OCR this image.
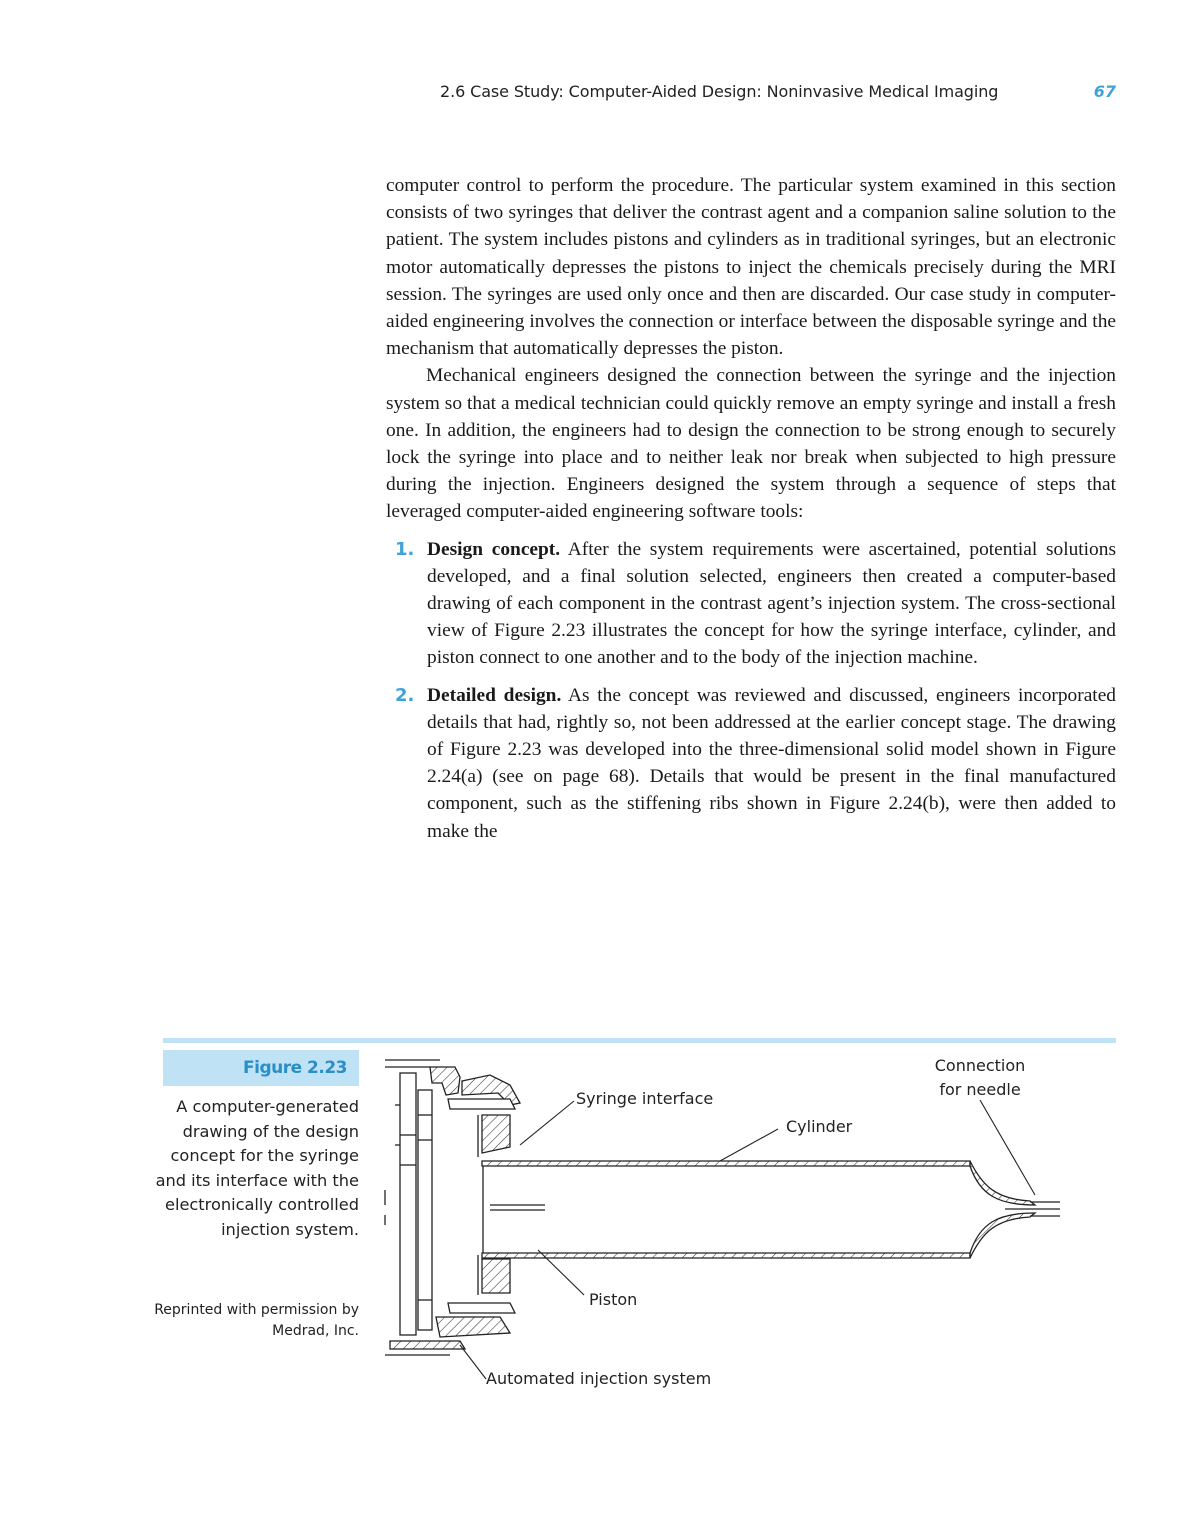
2.6 Case Study: Computer-Aided Design: Noninvasive Medical Imaging	67

computer control to perform the procedure. The particular system examined in this section consists of two syringes that deliver the contrast agent and a companion saline solution to the patient. The system includes pistons and cylinders as in traditional syringes, but an electronic motor automatically depresses the pistons to inject the chemicals precisely during the MRI session. The syringes are used only once and then are discarded. Our case study in computer-aided engineering involves the connection or interface between the disposable syringe and the mechanism that automatically depresses the piston.

Mechanical engineers designed the connection between the syringe and the injection system so that a medical technician could quickly remove an empty syringe and install a fresh one. In addition, the engineers had to design the connection to be strong enough to securely lock the syringe into place and to neither leak nor break when subjected to high pressure during the injection. Engineers designed the system through a sequence of steps that leveraged computer-aided engineering software tools:

1. Design concept. After the system requirements were ascertained, potential solutions developed, and a final solution selected, engineers then created a computer-based drawing of each component in the contrast agent’s injection system. The cross-sectional view of Figure 2.23 illustrates the concept for how the syringe interface, cylinder, and piston connect to one another and to the body of the injection machine.
2. Detailed design. As the concept was reviewed and discussed, engineers incorporated details that had, rightly so, not been addressed at the earlier concept stage. The drawing of Figure 2.23 was developed into the three-dimensional solid model shown in Figure 2.24(a) (see on page 68). Details that would be present in the final manufactured component, such as the stiffening ribs shown in Figure 2.24(b), were then added to make the
Figure 2.23
A computer-generated drawing of the design concept for the syringe and its interface with the electronically controlled injection system.
Reprinted with permission by Medrad, Inc.
Syringe interface
Cylinder
Connection
for needle
Piston
Automated injection system
